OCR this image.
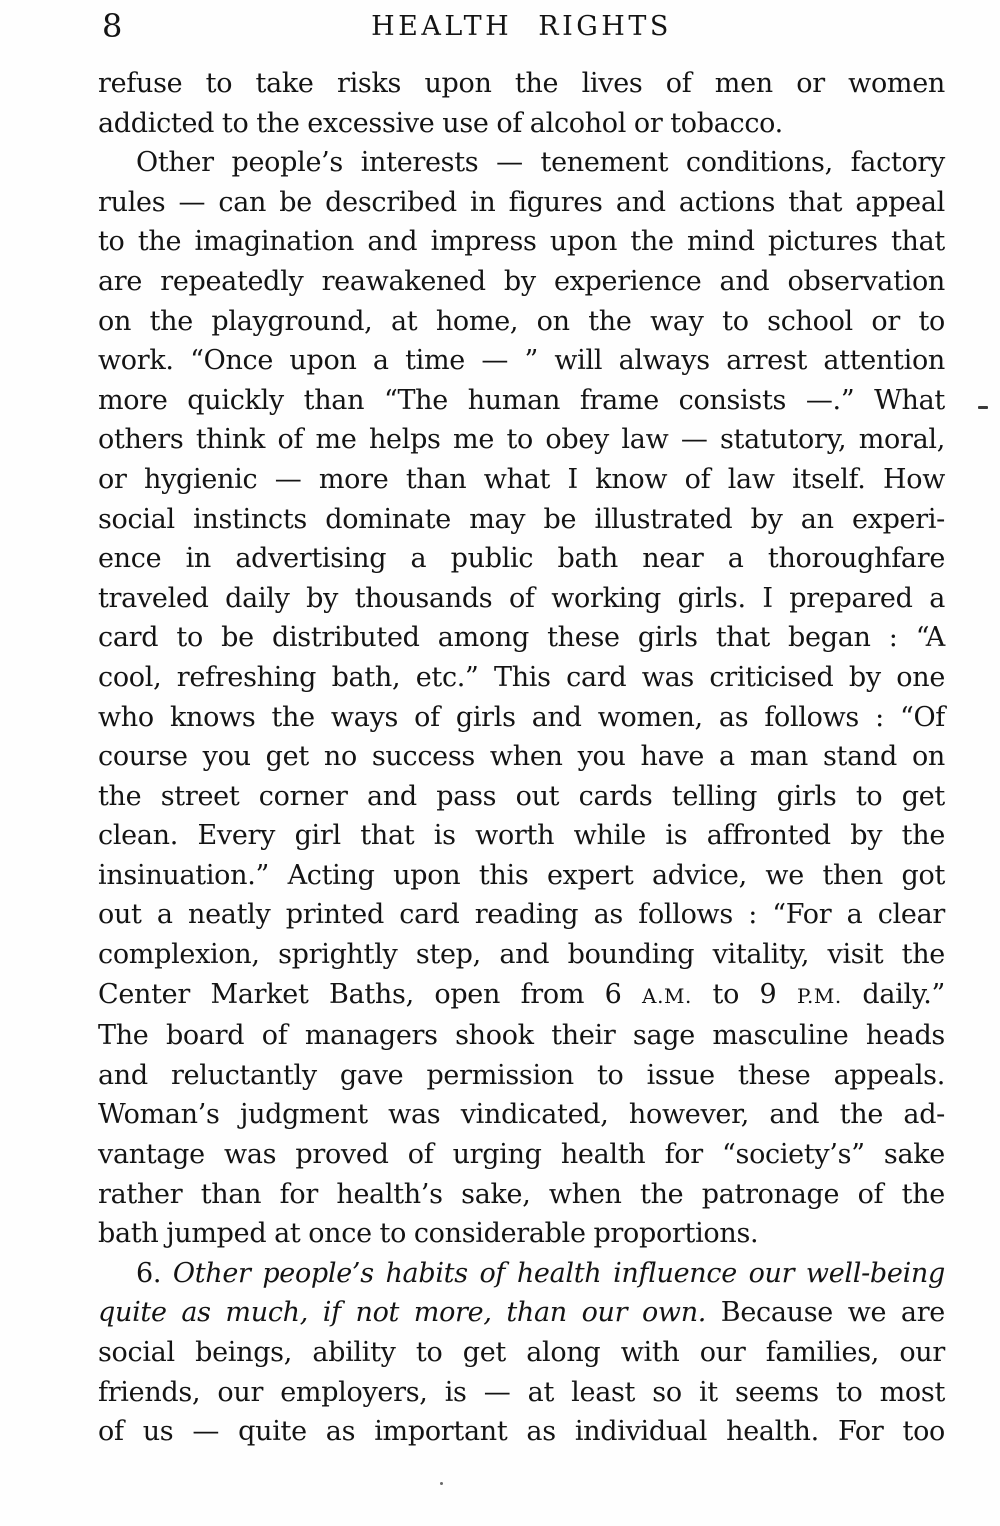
8	HEALTH RIGHTS
refuse to take risks upon the lives of men or women
addicted to the excessive use of alcohol or tobacco.
Other people’s interests — tenement conditions, factory
rules — can be described in figures and actions that appeal
to the imagination and impress upon the mind pictures that
are repeatedly reawakened by experience and observation
on the playground, at home, on the way to school or to
work. “Once upon a time — ” will always arrest attention
more quickly than “The human frame consists —.” What
others think of me helps me to obey law — statutory, moral,
or hygienic — more than what I know of law itself. How
social instincts dominate may be illustrated by an experi-
ence in advertising a public bath near a thoroughfare
traveled daily by thousands of working girls. I prepared a
card to be distributed among these girls that began : “A
cool, refreshing bath, etc.” This card was criticised by one
who knows the ways of girls and women, as follows : “Of
course you get no success when you have a man stand on
the street corner and pass out cards telling girls to get
clean. Every girl that is worth while is affronted by the
insinuation.” Acting upon this expert advice, we then got
out a neatly printed card reading as follows : “For a clear
complexion, sprightly step, and bounding vitality, visit the
Center Market Baths, open from 6 A.M. to 9 P.M. daily.”
The board of managers shook their sage masculine heads
and reluctantly gave permission to issue these appeals.
Woman’s judgment was vindicated, however, and the ad-
vantage was proved of urging health for “society’s” sake
rather than for health’s sake, when the patronage of the
bath jumped at once to considerable proportions.
6. Other people’s habits of health influence our well-being
quite as much, if not more, than our own. Because we are
social beings, ability to get along with our families, our
friends, our employers, is — at least so it seems to most
of us — quite as important as individual health. For too
